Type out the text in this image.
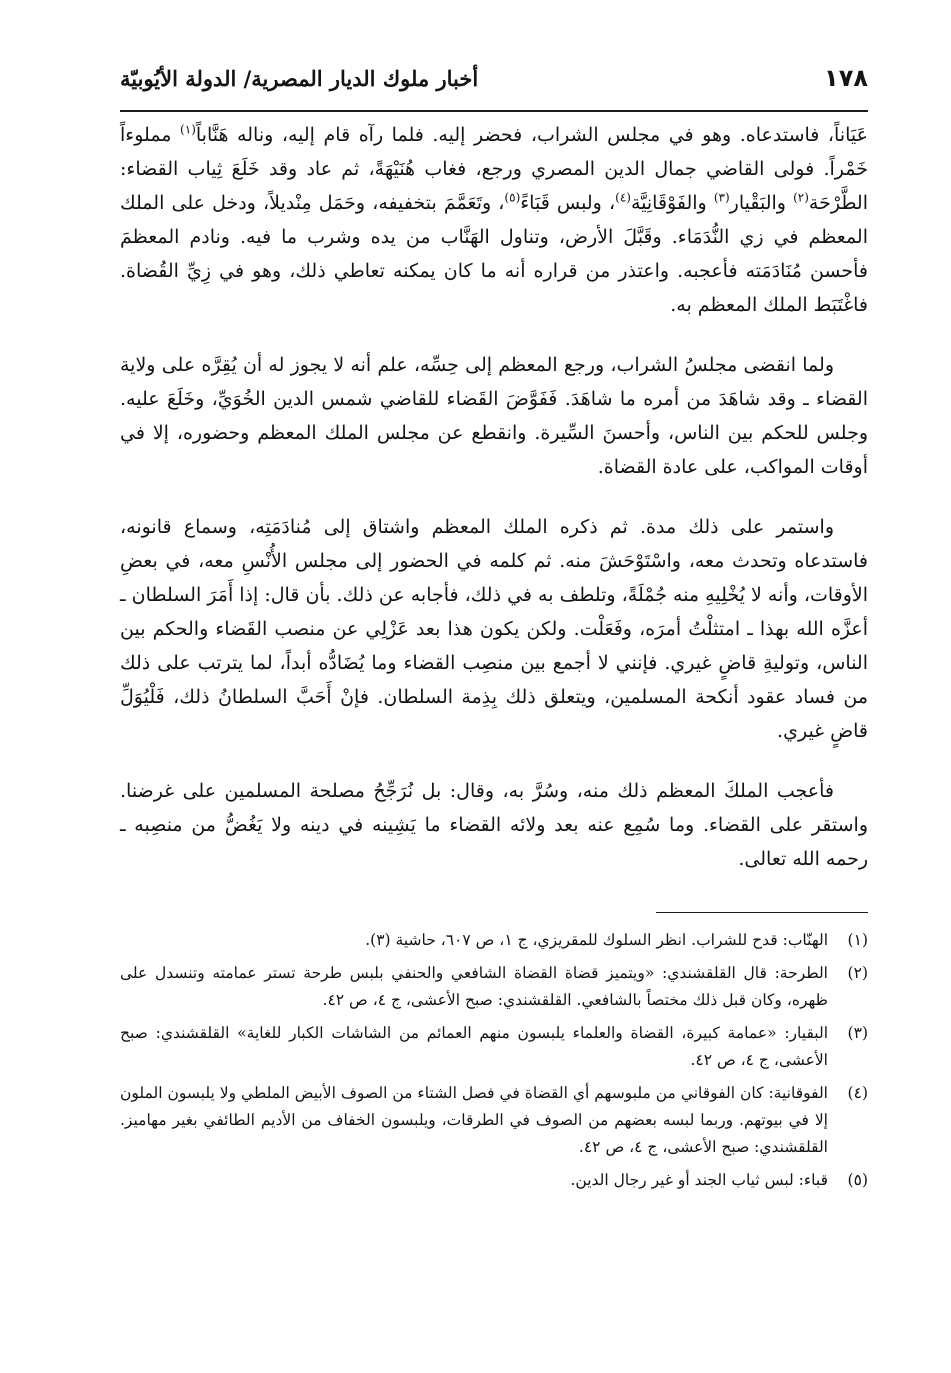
١٧٨
أخبار ملوك الديار المصرية/ الدولة الأيُوبيّة

عَيَاناً، فاستدعاه. وهو في مجلس الشراب، فحضر إليه. فلما رآه قام إليه، وناله هَنَّاباً$^{(١)}$ مملوءاً خَمْراً. فولى القاضي جمال الدين المصري ورجع، فغاب هُنَيْهَةً، ثم عاد وقد خَلَعَ ثِياب القضاء: الطَّرْحَة$^{(٢)}$ والبَقْيار$^{(٣)}$ والفَوْقَانِيَّة$^{(٤)}$، ولبس قَبَاءً$^{(٥)}$، وتَعَمَّمَ بتخفيفه، وحَمَل مِنْديلاً، ودخل على الملك المعظم في زي النُّدَمَاء. وقَبَّلَ الأرض، وتناول الهَنَّاب من يده وشرب ما فيه. ونادم المعظمَ فأحسن مُنَادَمَته فأعجبه. واعتذر من قراره أنه ما كان يمكنه تعاطي ذلك، وهو في زِيِّ القُضاة. فاغْتَبَط الملك المعظم به.

ولما انقضى مجلسُ الشراب، ورجع المعظم إلى حِسِّه، علم أنه لا يجوز له أن يُقِرَّه على ولاية القضاء ـ وقد شاهَدَ من أمره ما شاهَدَ. فَفَوَّضَ القَضاء للقاضي شمس الدين الخُوَيِّ، وخَلَعَ عليه. وجلس للحكم بين الناس، وأحسنَ السِّيرة. وانقطع عن مجلس الملك المعظم وحضوره، إلا في أوقات المواكب، على عادة القضاة.

واستمر على ذلك مدة. ثم ذكره الملك المعظم واشتاق إلى مُنادَمَتِه، وسماع قانونه، فاستدعاه وتحدث معه، واسْتَوْحَشَ منه. ثم كلمه في الحضور إلى مجلس الأُنْسِ معه، في بعضِ الأوقات، وأنه لا يُخْلِيهِ منه جُمْلَةً، وتلطف به في ذلك، فأجابه عن ذلك. بأن قال: إذا أَمَرَ السلطان ـ أعزَّه الله بهذا ـ امتثلْتُ أمرَه، وفَعَلْت. ولكن يكون هذا بعد عَزْلِي عن منصب القَضاء والحكم بين الناس، وتوليةِ قاضٍ غيري. فإنني لا أجمع بين منصِب القضاء وما يُضَادُّه أبداً، لما يترتب على ذلك من فساد عقود أنكحة المسلمين، ويتعلق ذلك بِذِمة السلطان. فإنْ أَحَبَّ السلطانُ ذلك، فَلْيُوَلِّ قاضٍ غيري.

فأعجب الملكَ المعظم ذلك منه، وسُرَّ به، وقال: بل نُرَجِّحُ مصلحة المسلمين على غرضنا. واستقر على القضاء. وما سُمِع عنه بعد ولائه القضاء ما يَشِينه في دينه ولا يَغُضُّ من منصِبه ـ رحمه الله تعالى.

(١)
الهنّاب: قدح للشراب. انظر السلوك للمقريزي، ج ١، ص ٦٠٧، حاشية (٣).
(٢)
الطرحة: قال القلقشندي: «ويتميز قضاة القضاة الشافعي والحنفي بلبس طرحة تستر عمامته وتنسدل على ظهره، وكان قبل ذلك مختصاً بالشافعي. القلقشندي: صبح الأعشى، ج ٤، ص ٤٢.
(٣)
البقيار: «عمامة كبيرة، القضاة والعلماء يلبسون منهم العمائم من الشاشات الكبار للغاية» القلقشندي: صبح الأعشى، ج ٤، ص ٤٢.
(٤)
الفوقانية: كان الفوقاني من ملبوسهم أي القضاة في فصل الشتاء من الصوف الأبيض الملطي ولا يلبسون الملون إلا في بيوتهم. وربما لبسه بعضهم من الصوف في الطرقات، ويلبسون الخفاف من الأديم الطائفي بغير مهاميز. القلقشندي: صبح الأعشى، ج ٤، ص ٤٢.
(٥)
قباء: لبس ثياب الجند أو غير رجال الدين.
